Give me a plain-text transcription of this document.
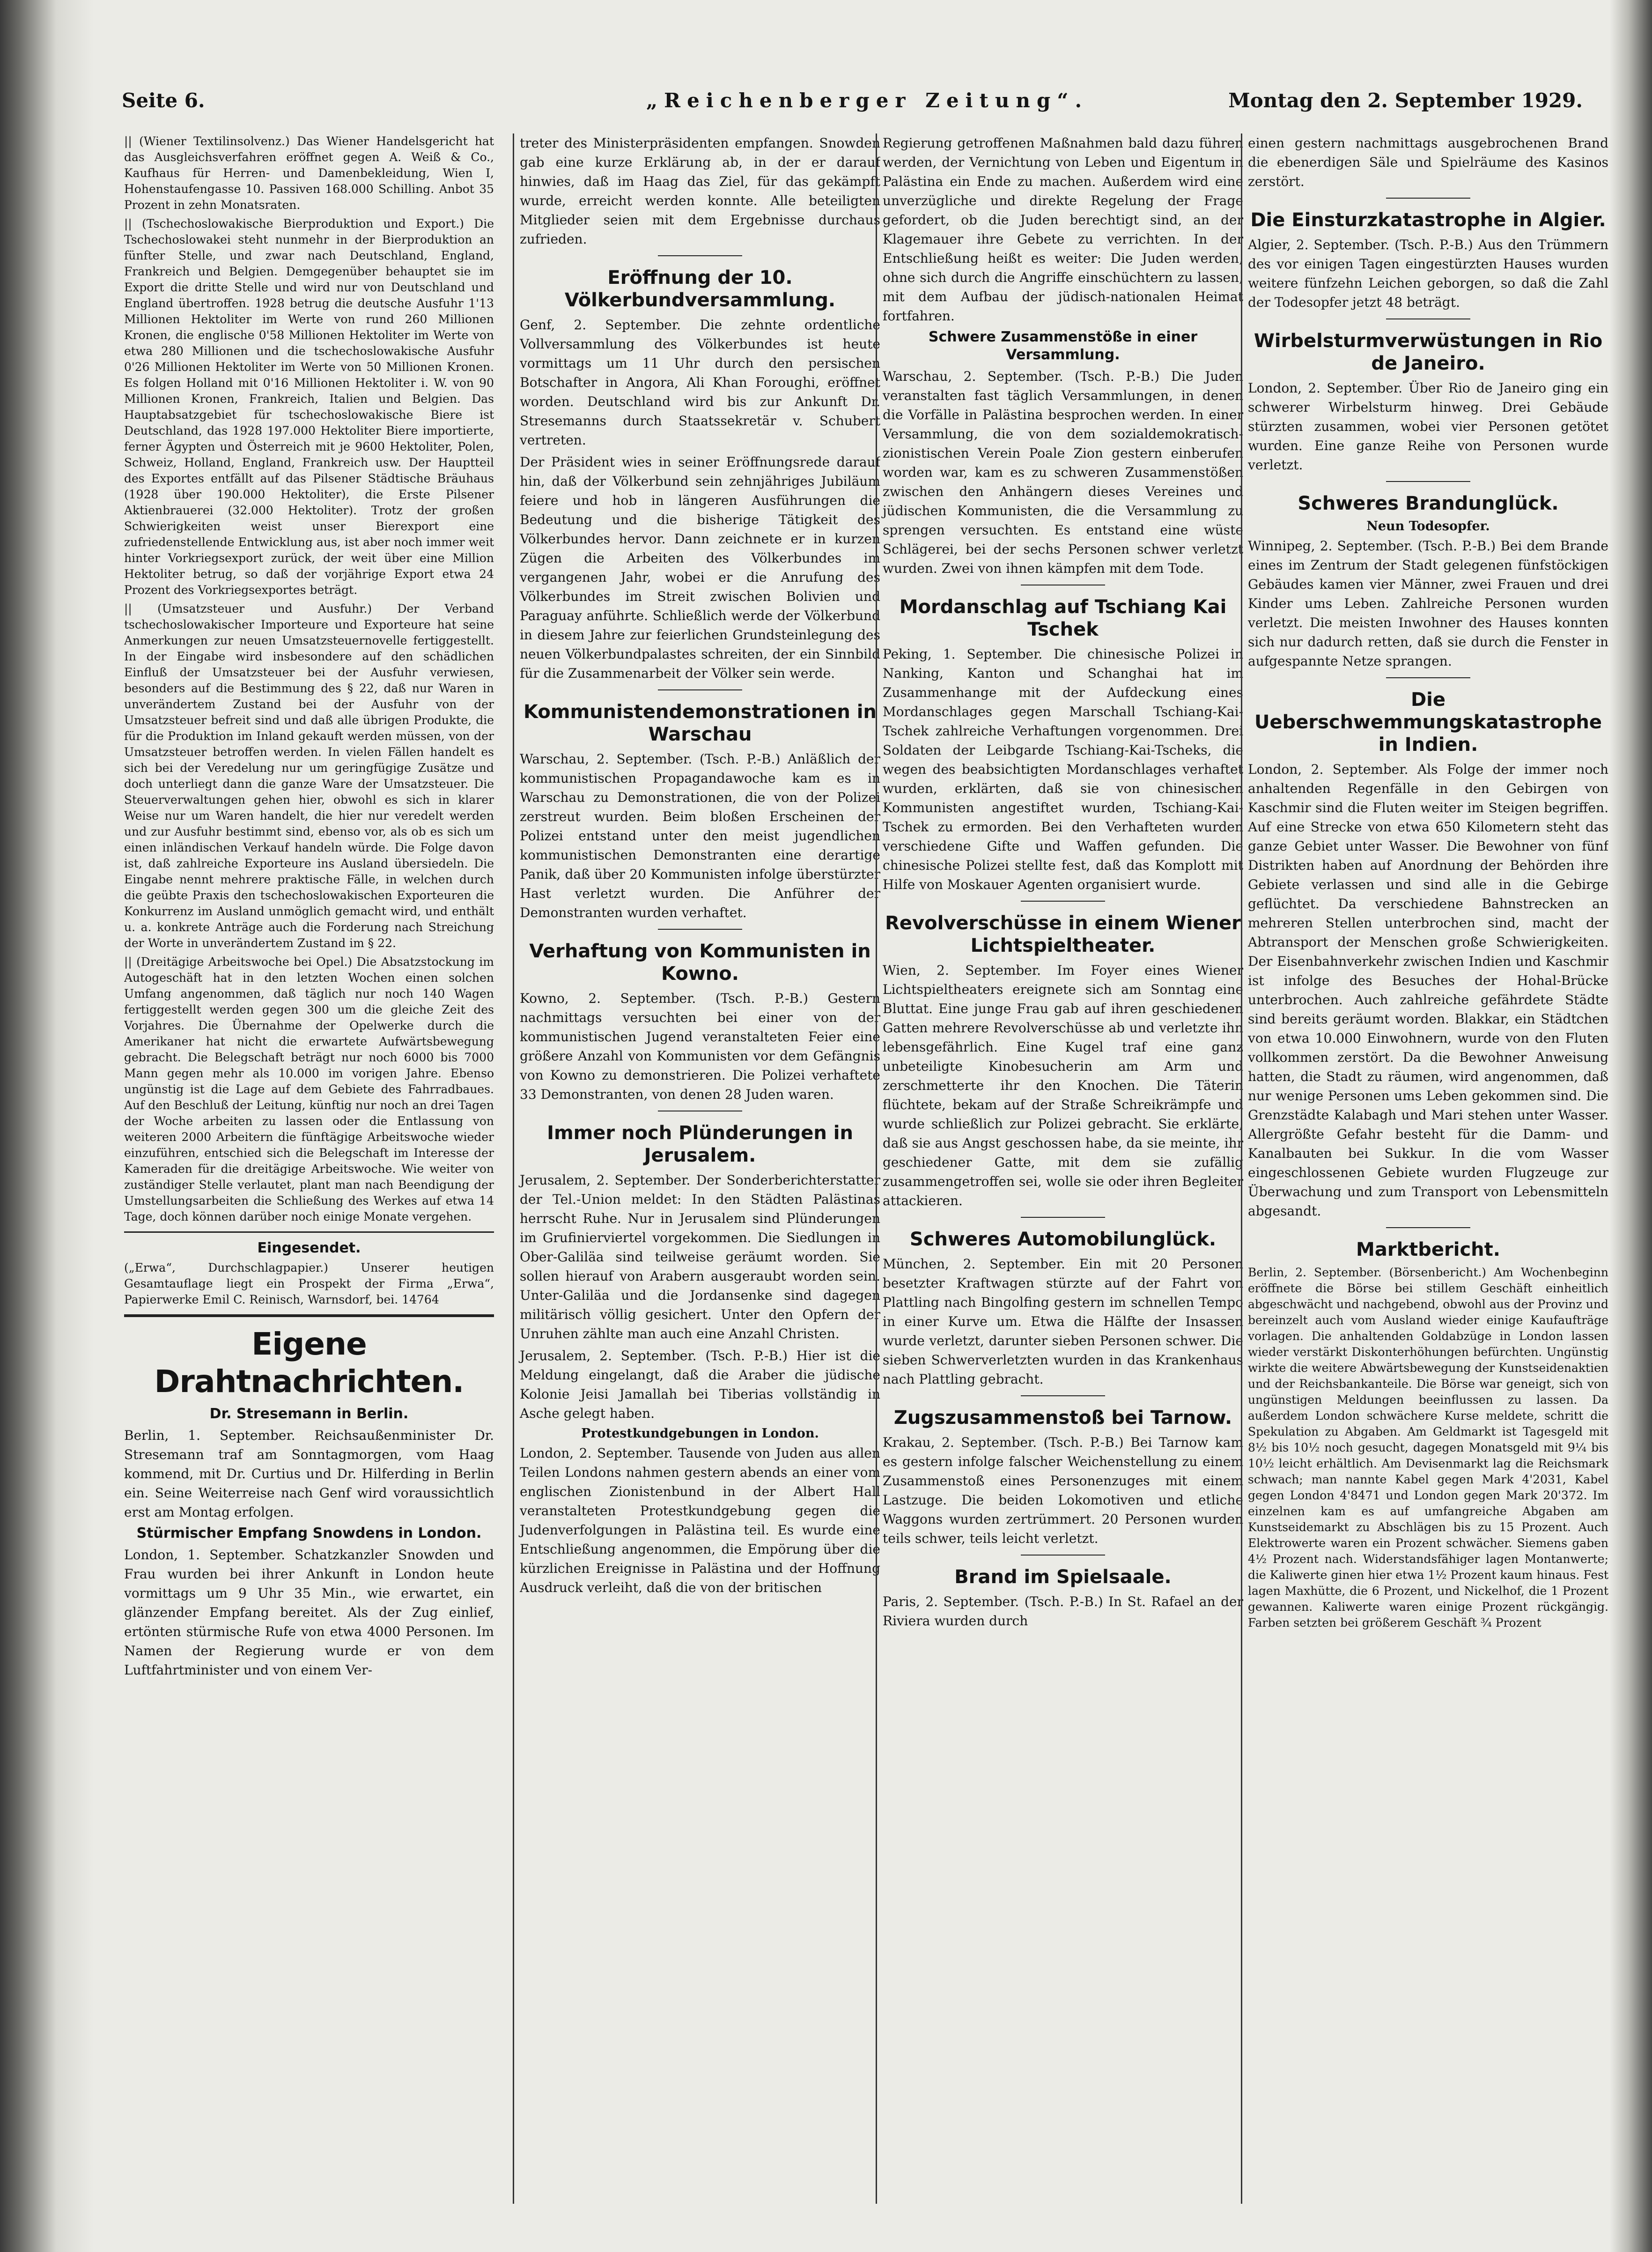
Seite 6.	„Reichenberger Zeitung“.	Montag den 2. September 1929.

|| (Wiener Textilinsolvenz.) Das Wiener Handelsgericht hat das Ausgleichsverfahren eröffnet gegen A. Weiß & Co., Kaufhaus für Herren- und Damenbekleidung, Wien I, Hohenstaufengasse 10. Passiven 168.000 Schilling. Anbot 35 Prozent in zehn Monatsraten.

|| (Tschechoslowakische Bierproduktion und Export.) Die Tschechoslowakei steht nunmehr in der Bierproduktion an fünfter Stelle, und zwar nach Deutschland, England, Frankreich und Belgien. Demgegenüber behauptet sie im Export die dritte Stelle und wird nur von Deutschland und England übertroffen. 1928 betrug die deutsche Ausfuhr 1'13 Millionen Hektoliter im Werte von rund 260 Millionen Kronen, die englische 0'58 Millionen Hektoliter im Werte von etwa 280 Millionen und die tschechoslowakische Ausfuhr 0'26 Millionen Hektoliter im Werte von 50 Millionen Kronen. Es folgen Holland mit 0'16 Millionen Hektoliter i. W. von 90 Millionen Kronen, Frankreich, Italien und Belgien. Das Hauptabsatzgebiet für tschechoslowakische Biere ist Deutschland, das 1928 197.000 Hektoliter Biere importierte, ferner Ägypten und Österreich mit je 9600 Hektoliter, Polen, Schweiz, Holland, England, Frankreich usw. Der Hauptteil des Exportes entfällt auf das Pilsener Städtische Bräuhaus (1928 über 190.000 Hektoliter), die Erste Pilsener Aktienbrauerei (32.000 Hektoliter). Trotz der großen Schwierigkeiten weist unser Bierexport eine zufriedenstellende Entwicklung aus, ist aber noch immer weit hinter Vorkriegsexport zurück, der weit über eine Million Hektoliter betrug, so daß der vorjährige Export etwa 24 Prozent des Vorkriegsexportes beträgt.

|| (Umsatzsteuer und Ausfuhr.) Der Verband tschechoslowakischer Importeure und Exporteure hat seine Anmerkungen zur neuen Umsatzsteuernovelle fertiggestellt. In der Eingabe wird insbesondere auf den schädlichen Einfluß der Umsatzsteuer bei der Ausfuhr verwiesen, besonders auf die Bestimmung des § 22, daß nur Waren in unverändertem Zustand bei der Ausfuhr von der Umsatzsteuer befreit sind und daß alle übrigen Produkte, die für die Produktion im Inland gekauft werden müssen, von der Umsatzsteuer betroffen werden. In vielen Fällen handelt es sich bei der Veredelung nur um geringfügige Zusätze und doch unterliegt dann die ganze Ware der Umsatzsteuer. Die Steuerverwaltungen gehen hier, obwohl es sich in klarer Weise nur um Waren handelt, die hier nur veredelt werden und zur Ausfuhr bestimmt sind, ebenso vor, als ob es sich um einen inländischen Verkauf handeln würde. Die Folge davon ist, daß zahlreiche Exporteure ins Ausland übersiedeln. Die Eingabe nennt mehrere praktische Fälle, in welchen durch die geübte Praxis den tschechoslowakischen Exporteuren die Konkurrenz im Ausland unmöglich gemacht wird, und enthält u. a. konkrete Anträge auch die Forderung nach Streichung der Worte in unverändertem Zustand im § 22.

|| (Dreitägige Arbeitswoche bei Opel.) Die Absatzstockung im Autogeschäft hat in den letzten Wochen einen solchen Umfang angenommen, daß täglich nur noch 140 Wagen fertiggestellt werden gegen 300 um die gleiche Zeit des Vorjahres. Die Übernahme der Opelwerke durch die Amerikaner hat nicht die erwartete Aufwärtsbewegung gebracht. Die Belegschaft beträgt nur noch 6000 bis 7000 Mann gegen mehr als 10.000 im vorigen Jahre. Ebenso ungünstig ist die Lage auf dem Gebiete des Fahrradbaues. Auf den Beschluß der Leitung, künftig nur noch an drei Tagen der Woche arbeiten zu lassen oder die Entlassung von weiteren 2000 Arbeitern die fünftägige Arbeitswoche wieder einzuführen, entschied sich die Belegschaft im Interesse der Kameraden für die dreitägige Arbeitswoche. Wie weiter von zuständiger Stelle verlautet, plant man nach Beendigung der Umstellungsarbeiten die Schließung des Werkes auf etwa 14 Tage, doch können darüber noch einige Monate vergehen.

Eingesendet.

(„Erwa“, Durchschlagpapier.) Unserer heutigen Gesamtauflage liegt ein Prospekt der Firma „Erwa“, Papierwerke Emil C. Reinisch, Warnsdorf, bei. 14764

Eigene Drahtnachrichten.
Dr. Stresemann in Berlin.

Berlin, 1. September. Reichsaußenminister Dr. Stresemann traf am Sonntagmorgen, vom Haag kommend, mit Dr. Curtius und Dr. Hilferding in Berlin ein. Seine Weiterreise nach Genf wird voraussichtlich erst am Montag erfolgen.

Stürmischer Empfang Snowdens in London.

London, 1. September. Schatzkanzler Snowden und Frau wurden bei ihrer Ankunft in London heute vormittags um 9 Uhr 35 Min., wie erwartet, ein glänzender Empfang bereitet. Als der Zug einlief, ertönten stürmische Rufe von etwa 4000 Personen. Im Namen der Regierung wurde er von dem Luftfahrtminister und von einem Ver-

treter des Ministerpräsidenten empfangen. Snowden gab eine kurze Erklärung ab, in der er darauf hinwies, daß im Haag das Ziel, für das gekämpft wurde, erreicht werden konnte. Alle beteiligten Mitglieder seien mit dem Ergebnisse durchaus zufrieden.

Eröffnung der 10. Völkerbundversammlung.

Genf, 2. September. Die zehnte ordentliche Vollversammlung des Völkerbundes ist heute vormittags um 11 Uhr durch den persischen Botschafter in Angora, Ali Khan Foroughi, eröffnet worden. Deutschland wird bis zur Ankunft Dr. Stresemanns durch Staatssekretär v. Schubert vertreten.

Der Präsident wies in seiner Eröffnungsrede darauf hin, daß der Völkerbund sein zehnjähriges Jubiläum feiere und hob in längeren Ausführungen die Bedeutung und die bisherige Tätigkeit des Völkerbundes hervor. Dann zeichnete er in kurzen Zügen die Arbeiten des Völkerbundes im vergangenen Jahr, wobei er die Anrufung des Völkerbundes im Streit zwischen Bolivien und Paraguay anführte. Schließlich werde der Völkerbund in diesem Jahre zur feierlichen Grundsteinlegung des neuen Völkerbundpalastes schreiten, der ein Sinnbild für die Zusammenarbeit der Völker sein werde.

Kommunistendemonstrationen in Warschau

Warschau, 2. September. (Tsch. P.-B.) Anläßlich der kommunistischen Propagandawoche kam es in Warschau zu Demonstrationen, die von der Polizei zerstreut wurden. Beim bloßen Erscheinen der Polizei entstand unter den meist jugendlichen kommunistischen Demonstranten eine derartige Panik, daß über 20 Kommunisten infolge überstürzter Hast verletzt wurden. Die Anführer der Demonstranten wurden verhaftet.

Verhaftung von Kommunisten in Kowno.

Kowno, 2. September. (Tsch. P.-B.) Gestern nachmittags versuchten bei einer von der kommunistischen Jugend veranstalteten Feier eine größere Anzahl von Kommunisten vor dem Gefängnis von Kowno zu demonstrieren. Die Polizei verhaftete 33 Demonstranten, von denen 28 Juden waren.

Immer noch Plünderungen in Jerusalem.

Jerusalem, 2. September. Der Sonderberichterstatter der Tel.-Union meldet: In den Städten Palästinas herrscht Ruhe. Nur in Jerusalem sind Plünderungen im Grufinierviertel vorgekommen. Die Siedlungen in Ober-Galiläa sind teilweise geräumt worden. Sie sollen hierauf von Arabern ausgeraubt worden sein. Unter-Galiläa und die Jordansenke sind dagegen militärisch völlig gesichert. Unter den Opfern der Unruhen zählte man auch eine Anzahl Christen.

Jerusalem, 2. September. (Tsch. P.-B.) Hier ist die Meldung eingelangt, daß die Araber die jüdische Kolonie Jeisi Jamallah bei Tiberias vollständig in Asche gelegt haben.

Protestkundgebungen in London.

London, 2. September. Tausende von Juden aus allen Teilen Londons nahmen gestern abends an einer vom englischen Zionistenbund in der Albert Hall veranstalteten Protestkundgebung gegen die Judenverfolgungen in Palästina teil. Es wurde eine Entschließung angenommen, die Empörung über die kürzlichen Ereignisse in Palästina und der Hoffnung Ausdruck verleiht, daß die von der britischen

Regierung getroffenen Maßnahmen bald dazu führen werden, der Vernichtung von Leben und Eigentum in Palästina ein Ende zu machen. Außerdem wird eine unverzügliche und direkte Regelung der Frage gefordert, ob die Juden berechtigt sind, an der Klagemauer ihre Gebete zu verrichten. In der Entschließung heißt es weiter: Die Juden werden, ohne sich durch die Angriffe einschüchtern zu lassen, mit dem Aufbau der jüdisch-nationalen Heimat fortfahren.

Schwere Zusammenstöße in einer Versammlung.

Warschau, 2. September. (Tsch. P.-B.) Die Juden veranstalten fast täglich Versammlungen, in denen die Vorfälle in Palästina besprochen werden. In einer Versammlung, die von dem sozialdemokratisch-zionistischen Verein Poale Zion gestern einberufen worden war, kam es zu schweren Zusammenstößen zwischen den Anhängern dieses Vereines und jüdischen Kommunisten, die die Versammlung zu sprengen versuchten. Es entstand eine wüste Schlägerei, bei der sechs Personen schwer verletzt wurden. Zwei von ihnen kämpfen mit dem Tode.

Mordanschlag auf Tschiang Kai Tschek

Peking, 1. September. Die chinesische Polizei in Nanking, Kanton und Schanghai hat im Zusammenhange mit der Aufdeckung eines Mordanschlages gegen Marschall Tschiang-Kai-Tschek zahlreiche Verhaftungen vorgenommen. Drei Soldaten der Leibgarde Tschiang-Kai-Tscheks, die wegen des beabsichtigten Mordanschlages verhaftet wurden, erklärten, daß sie von chinesischen Kommunisten angestiftet wurden, Tschiang-Kai-Tschek zu ermorden. Bei den Verhafteten wurden verschiedene Gifte und Waffen gefunden. Die chinesische Polizei stellte fest, daß das Komplott mit Hilfe von Moskauer Agenten organisiert wurde.

Revolverschüsse in einem Wiener Lichtspieltheater.

Wien, 2. September. Im Foyer eines Wiener Lichtspieltheaters ereignete sich am Sonntag eine Bluttat. Eine junge Frau gab auf ihren geschiedenen Gatten mehrere Revolverschüsse ab und verletzte ihn lebensgefährlich. Eine Kugel traf eine ganz unbeteiligte Kinobesucherin am Arm und zerschmetterte ihr den Knochen. Die Täterin flüchtete, bekam auf der Straße Schreikrämpfe und wurde schließlich zur Polizei gebracht. Sie erklärte, daß sie aus Angst geschossen habe, da sie meinte, ihr geschiedener Gatte, mit dem sie zufällig zusammengetroffen sei, wolle sie oder ihren Begleiter attackieren.

Schweres Automobilunglück.

München, 2. September. Ein mit 20 Personen besetzter Kraftwagen stürzte auf der Fahrt von Plattling nach Bingolfing gestern im schnellen Tempo in einer Kurve um. Etwa die Hälfte der Insassen wurde verletzt, darunter sieben Personen schwer. Die sieben Schwerverletzten wurden in das Krankenhaus nach Plattling gebracht.

Zugszusammenstoß bei Tarnow.

Krakau, 2. September. (Tsch. P.-B.) Bei Tarnow kam es gestern infolge falscher Weichenstellung zu einem Zusammenstoß eines Personenzuges mit einem Lastzuge. Die beiden Lokomotiven und etliche Waggons wurden zertrümmert. 20 Personen wurden teils schwer, teils leicht verletzt.

Brand im Spielsaale.

Paris, 2. September. (Tsch. P.-B.) In St. Rafael an der Riviera wurden durch

einen gestern nachmittags ausgebrochenen Brand die ebenerdigen Säle und Spielräume des Kasinos zerstört.

Die Einsturzkatastrophe in Algier.

Algier, 2. September. (Tsch. P.-B.) Aus den Trümmern des vor einigen Tagen eingestürzten Hauses wurden weitere fünfzehn Leichen geborgen, so daß die Zahl der Todesopfer jetzt 48 beträgt.

Wirbelsturmverwüstungen in Rio de Janeiro.

London, 2. September. Über Rio de Janeiro ging ein schwerer Wirbelsturm hinweg. Drei Gebäude stürzten zusammen, wobei vier Personen getötet wurden. Eine ganze Reihe von Personen wurde verletzt.

Schweres Brandunglück.
Neun Todesopfer.

Winnipeg, 2. September. (Tsch. P.-B.) Bei dem Brande eines im Zentrum der Stadt gelegenen fünfstöckigen Gebäudes kamen vier Männer, zwei Frauen und drei Kinder ums Leben. Zahlreiche Personen wurden verletzt. Die meisten Inwohner des Hauses konnten sich nur dadurch retten, daß sie durch die Fenster in aufgespannte Netze sprangen.

Die Ueberschwemmungskatastrophe in Indien.

London, 2. September. Als Folge der immer noch anhaltenden Regenfälle in den Gebirgen von Kaschmir sind die Fluten weiter im Steigen begriffen. Auf eine Strecke von etwa 650 Kilometern steht das ganze Gebiet unter Wasser. Die Bewohner von fünf Distrikten haben auf Anordnung der Behörden ihre Gebiete verlassen und sind alle in die Gebirge geflüchtet. Da verschiedene Bahnstrecken an mehreren Stellen unterbrochen sind, macht der Abtransport der Menschen große Schwierigkeiten. Der Eisenbahnverkehr zwischen Indien und Kaschmir ist infolge des Besuches der Hohal-Brücke unterbrochen. Auch zahlreiche gefährdete Städte sind bereits geräumt worden. Blakkar, ein Städtchen von etwa 10.000 Einwohnern, wurde von den Fluten vollkommen zerstört. Da die Bewohner Anweisung hatten, die Stadt zu räumen, wird angenommen, daß nur wenige Personen ums Leben gekommen sind. Die Grenzstädte Kalabagh und Mari stehen unter Wasser. Allergrößte Gefahr besteht für die Damm- und Kanalbauten bei Sukkur. In die vom Wasser eingeschlossenen Gebiete wurden Flugzeuge zur Überwachung und zum Transport von Lebensmitteln abgesandt.

Marktbericht.

Berlin, 2. September. (Börsenbericht.) Am Wochenbeginn eröffnete die Börse bei stillem Geschäft einheitlich abgeschwächt und nachgebend, obwohl aus der Provinz und bereinzelt auch vom Ausland wieder einige Kaufaufträge vorlagen. Die anhaltenden Goldabzüge in London lassen wieder verstärkt Diskonterhöhungen befürchten. Ungünstig wirkte die weitere Abwärtsbewegung der Kunstseidenaktien und der Reichsbankanteile. Die Börse war geneigt, sich von ungünstigen Meldungen beeinflussen zu lassen. Da außerdem London schwächere Kurse meldete, schritt die Spekulation zu Abgaben. Am Geldmarkt ist Tagesgeld mit 8½ bis 10½ noch gesucht, dagegen Monatsgeld mit 9¼ bis 10½ leicht erhältlich. Am Devisenmarkt lag die Reichsmark schwach; man nannte Kabel gegen Mark 4'2031, Kabel gegen London 4'8471 und London gegen Mark 20'372. Im einzelnen kam es auf umfangreiche Abgaben am Kunstseidemarkt zu Abschlägen bis zu 15 Prozent. Auch Elektrowerte waren ein Prozent schwächer. Siemens gaben 4½ Prozent nach. Widerstandsfähiger lagen Montanwerte; die Kaliwerte ginen hier etwa 1½ Prozent kaum hinaus. Fest lagen Maxhütte, die 6 Prozent, und Nickelhof, die 1 Prozent gewannen. Kaliwerte waren einige Prozent rückgängig. Farben setzten bei größerem Geschäft ¾ Prozent
